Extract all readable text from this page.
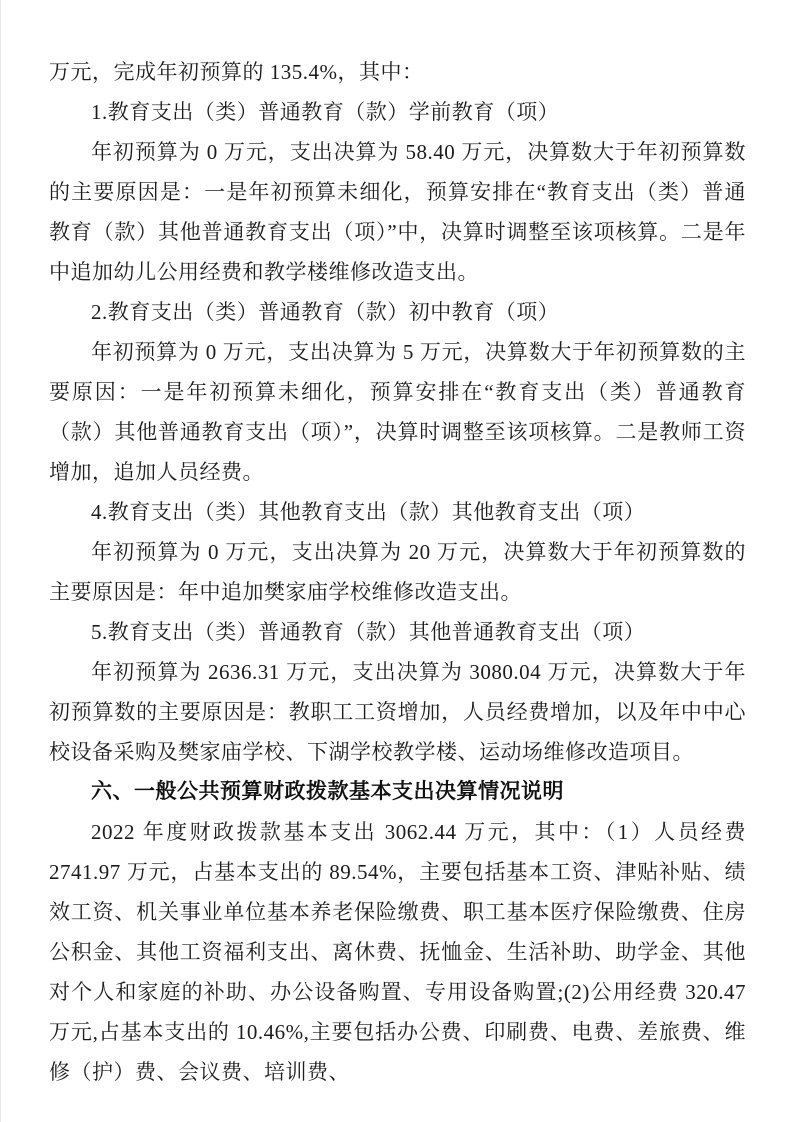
万元，完成年初预算的 135.4%，其中：

1.教育支出（类）普通教育（款）学前教育（项）

年初预算为 0 万元，支出决算为 58.40 万元，决算数大于年初预算数的主要原因是：一是年初预算未细化，预算安排在“教育支出（类）普通教育（款）其他普通教育支出（项）”中，决算时调整至该项核算。二是年中追加幼儿公用经费和教学楼维修改造支出。

2.教育支出（类）普通教育（款）初中教育（项）

年初预算为 0 万元，支出决算为 5 万元，决算数大于年初预算数的主要原因：一是年初预算未细化，预算安排在“教育支出（类）普通教育（款）其他普通教育支出（项）”，决算时调整至该项核算。二是教师工资增加，追加人员经费。

4.教育支出（类）其他教育支出（款）其他教育支出（项）

年初预算为 0 万元，支出决算为 20 万元，决算数大于年初预算数的主要原因是：年中追加樊家庙学校维修改造支出。

5.教育支出（类）普通教育（款）其他普通教育支出（项）

年初预算为 2636.31 万元，支出决算为 3080.04 万元，决算数大于年初预算数的主要原因是：教职工工资增加，人员经费增加，以及年中中心校设备采购及樊家庙学校、下湖学校教学楼、运动场维修改造项目。

六、一般公共预算财政拨款基本支出决算情况说明

2022 年度财政拨款基本支出 3062.44 万元，其中：（1）人员经费 2741.97 万元，占基本支出的 89.54%，主要包括基本工资、津贴补贴、绩效工资、机关事业单位基本养老保险缴费、职工基本医疗保险缴费、住房公积金、其他工资福利支出、离休费、抚恤金、生活补助、助学金、其他对个人和家庭的补助、办公设备购置、专用设备购置;(2)公用经费 320.47 万元,占基本支出的 10.46%,主要包括办公费、印刷费、电费、差旅费、维修（护）费、会议费、培训费、
